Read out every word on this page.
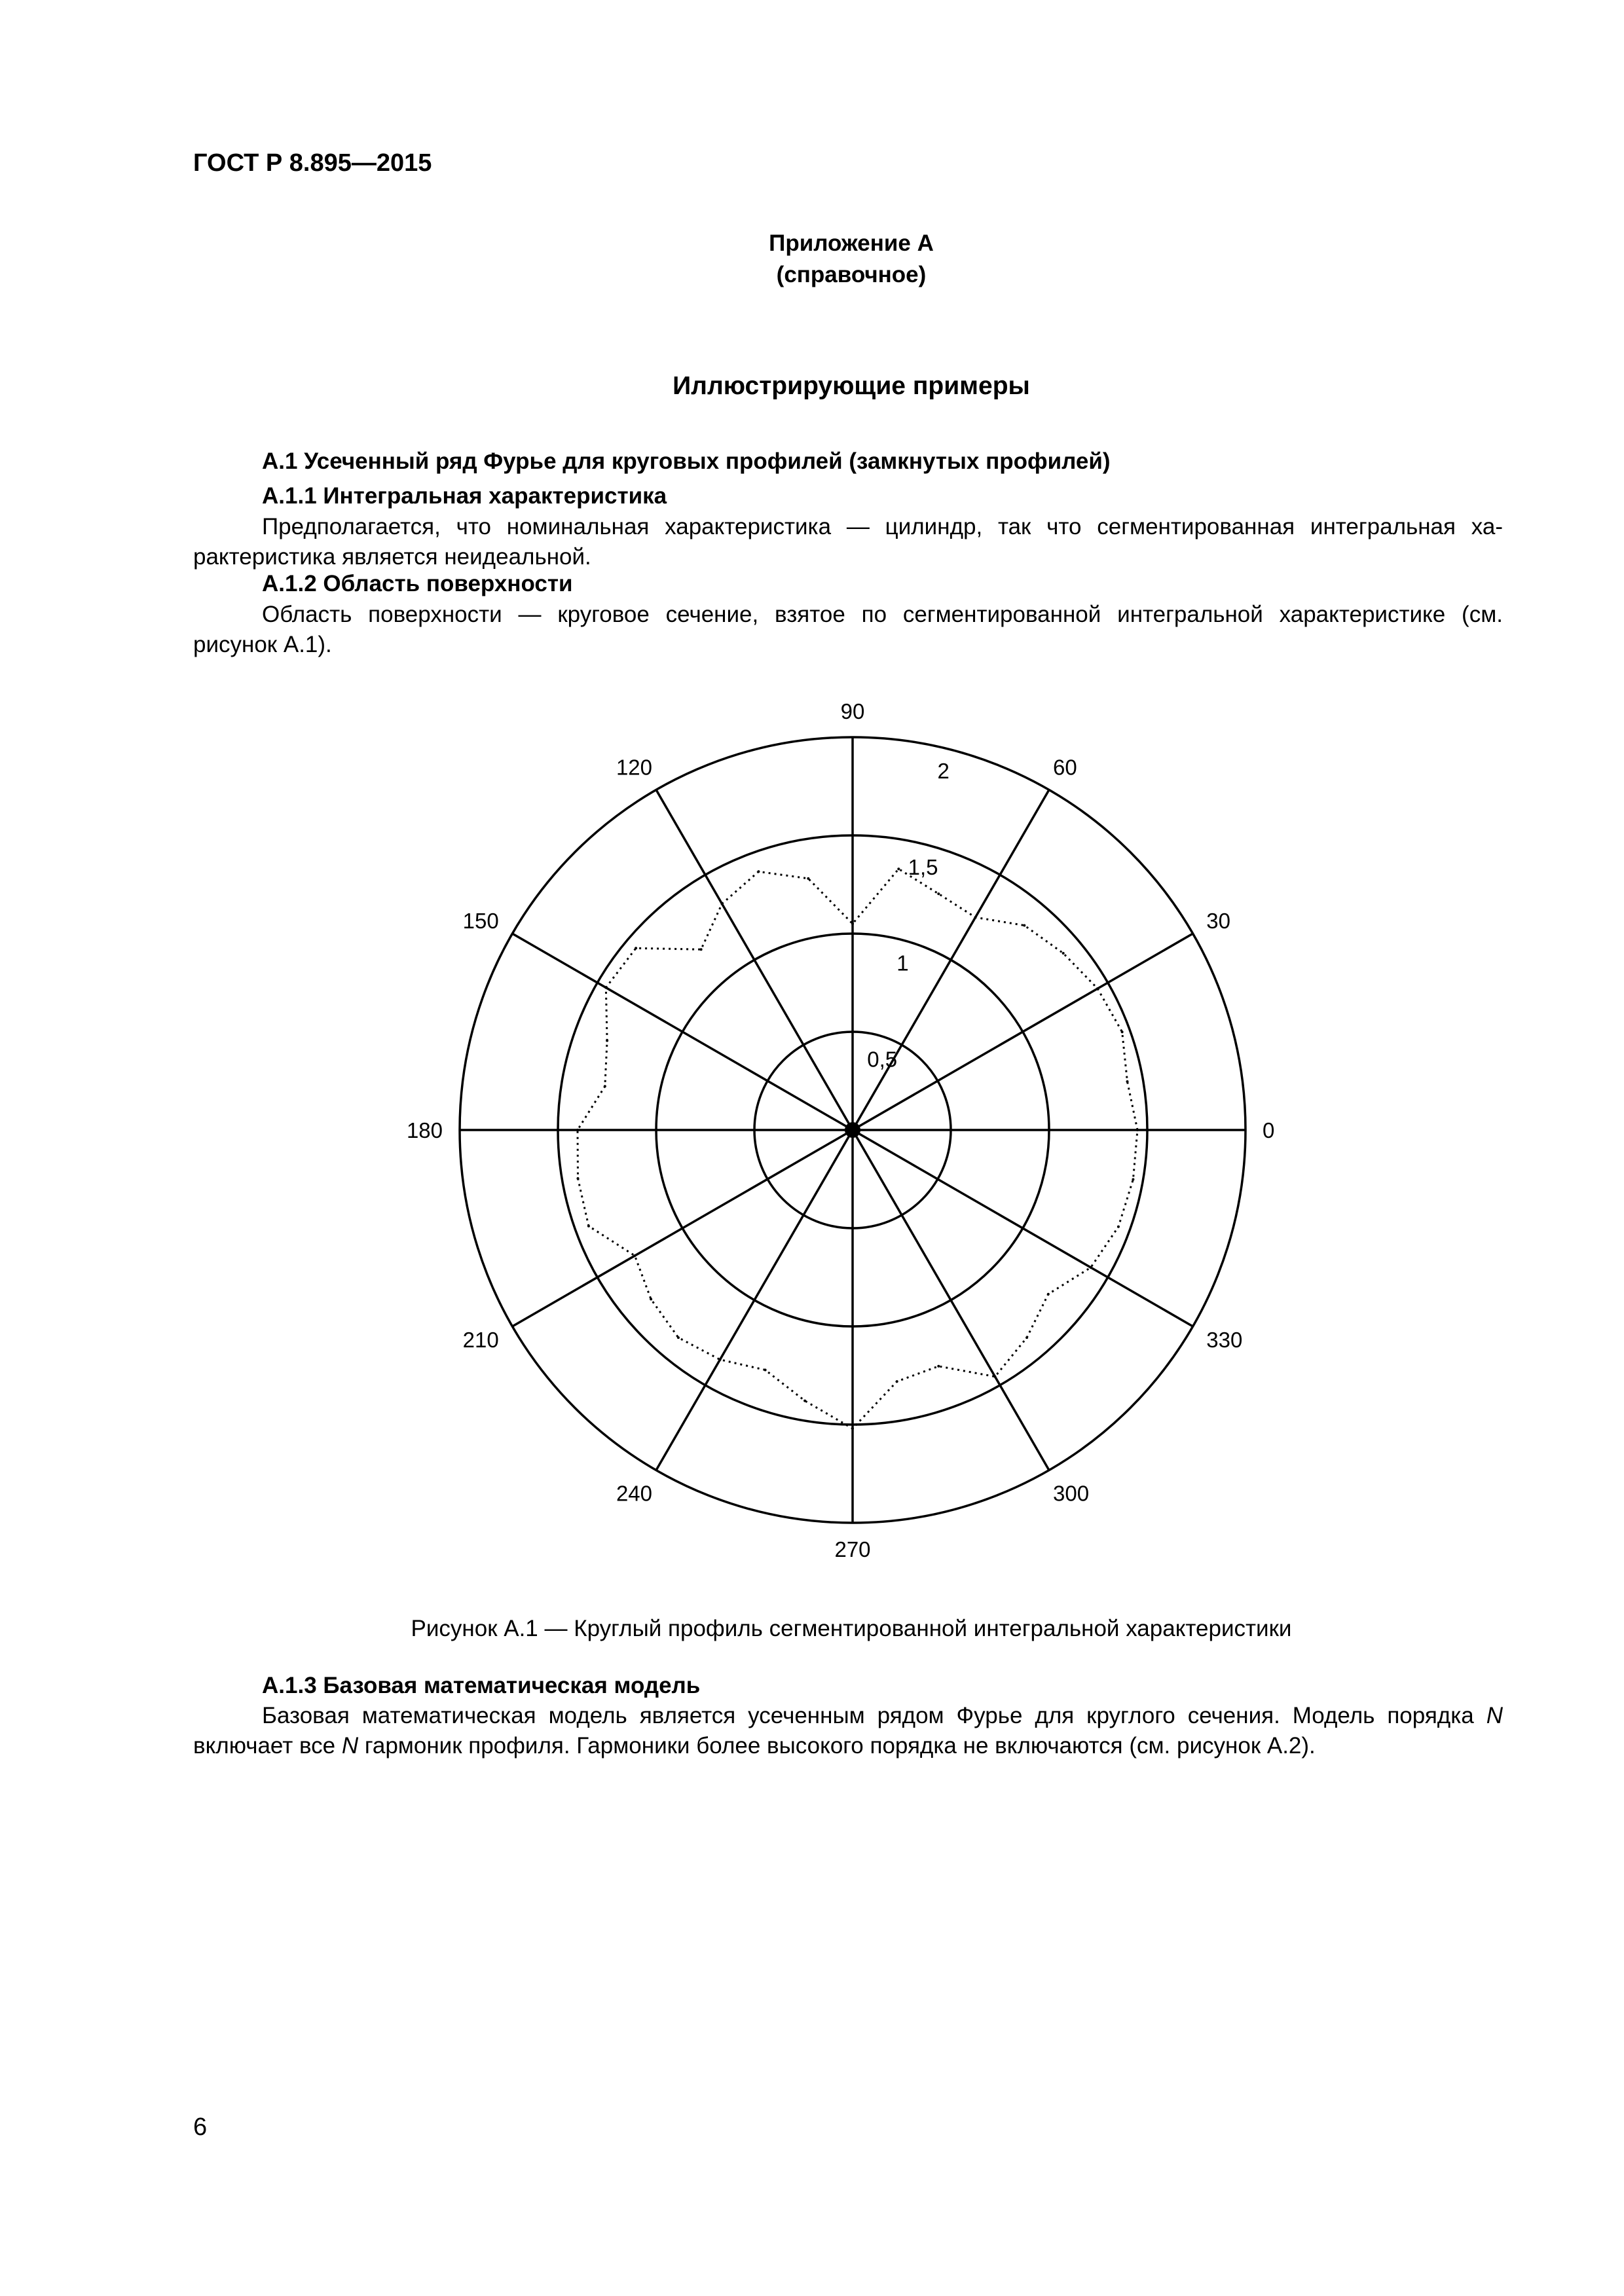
ГОСТ Р 8.895—2015
Приложение А
(справочное)
Иллюстрирующие примеры
А.1 Усеченный ряд Фурье для круговых профилей (замкнутых профилей)
А.1.1 Интегральная характеристика
Предполагается, что номинальная характеристика — цилиндр, так что сегментированная интегральная ха-
рактеристика является неидеальной.
А.1.2 Область поверхности
Область поверхности — круговое сечение, взятое по сегментированной интегральной характеристике (см.
рисунок А.1).
0
30
60
90
120
150
180
210
240
270
300
330
0,5
1
1,5
2
Рисунок А.1 — Круглый профиль сегментированной интегральной характеристики
А.1.3 Базовая математическая модель
Базовая математическая модель является усеченным рядом Фурье для круглого сечения. Модель порядка N
включает все N гармоник профиля. Гармоники более высокого порядка не включаются (см. рисунок А.2).
6
